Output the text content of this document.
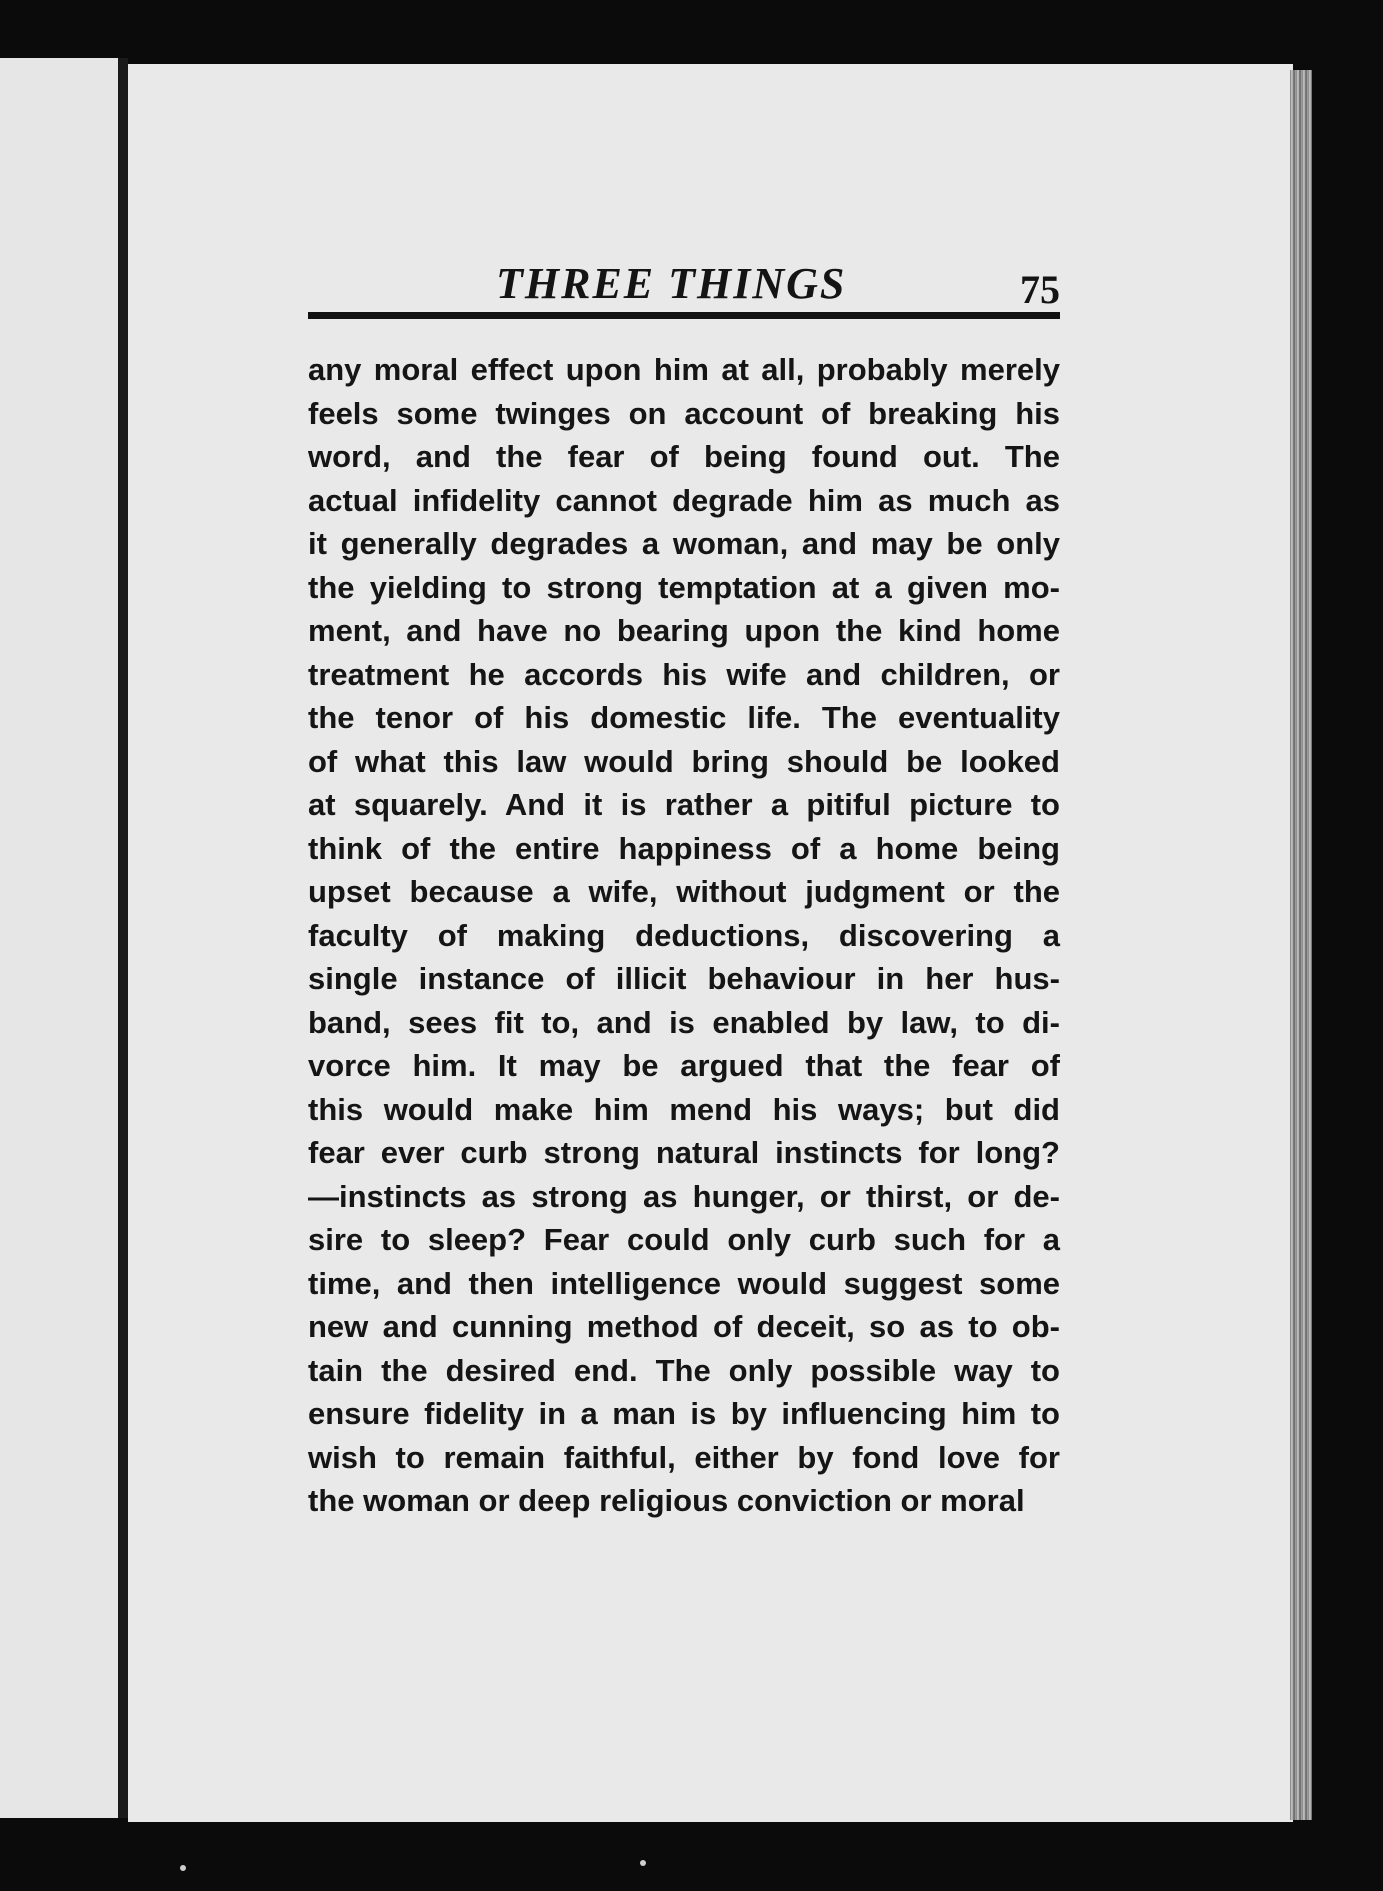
THREE THINGS	75
any moral effect upon him at all, probably merely
feels some twinges on account of breaking his
word, and the fear of being found out. The
actual infidelity cannot degrade him as much as
it generally degrades a woman, and may be only
the yielding to strong temptation at a given mo-
ment, and have no bearing upon the kind home
treatment he accords his wife and children, or
the tenor of his domestic life. The eventuality
of what this law would bring should be looked
at squarely. And it is rather a pitiful picture to
think of the entire happiness of a home being
upset because a wife, without judgment or the
faculty of making deductions, discovering a
single instance of illicit behaviour in her hus-
band, sees fit to, and is enabled by law, to di-
vorce him. It may be argued that the fear of
this would make him mend his ways; but did
fear ever curb strong natural instincts for long?
—instincts as strong as hunger, or thirst, or de-
sire to sleep? Fear could only curb such for a
time, and then intelligence would suggest some
new and cunning method of deceit, so as to ob-
tain the desired end. The only possible way to
ensure fidelity in a man is by influencing him to
wish to remain faithful, either by fond love for
the woman or deep religious conviction or moral
